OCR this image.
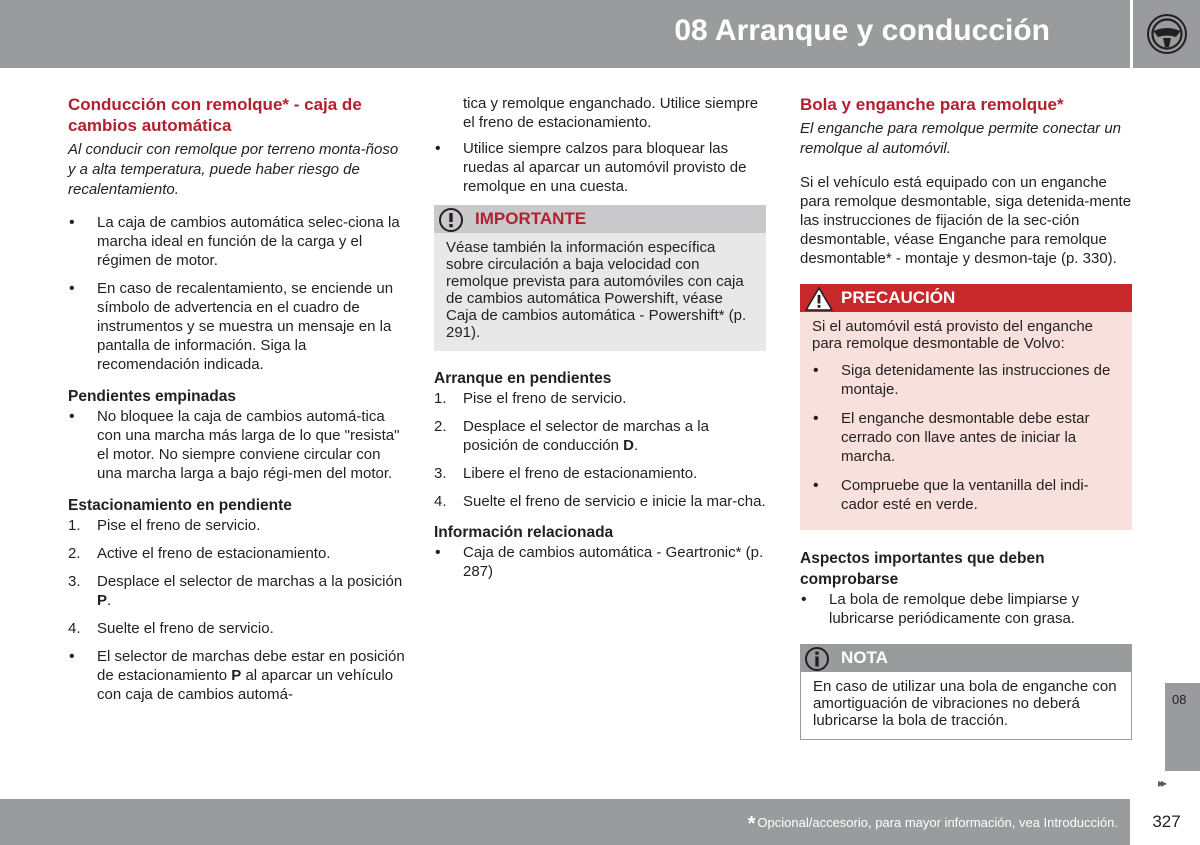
08 Arranque y conducción
Conducción con remolque* - caja de cambios automática
Al conducir con remolque por terreno monta-ñoso y a alta temperatura, puede haber riesgo de recalentamiento.
• La caja de cambios automática selec-ciona la marcha ideal en función de la carga y el régimen de motor.
• En caso de recalentamiento, se enciende un símbolo de advertencia en el cuadro de instrumentos y se muestra un mensaje en la pantalla de información. Siga la recomendación indicada.
Pendientes empinadas
• No bloquee la caja de cambios automá-tica con una marcha más larga de lo que "resista" el motor. No siempre conviene circular con una marcha larga a bajo régi-men del motor.
Estacionamiento en pendiente
1. Pise el freno de servicio.
2. Active el freno de estacionamiento.
3. Desplace el selector de marchas a la posición P.
4. Suelte el freno de servicio.
• El selector de marchas debe estar en posición de estacionamiento P al aparcar un vehículo con caja de cambios automá-
tica y remolque enganchado. Utilice siempre el freno de estacionamiento.
• Utilice siempre calzos para bloquear las ruedas al aparcar un automóvil provisto de remolque en una cuesta.
IMPORTANTE
Véase también la información específica sobre circulación a baja velocidad con remolque prevista para automóviles con caja de cambios automática Powershift, véase Caja de cambios automática - Powershift* (p. 291).
Arranque en pendientes
1. Pise el freno de servicio.
2. Desplace el selector de marchas a la posición de conducción D.
3. Libere el freno de estacionamiento.
4. Suelte el freno de servicio e inicie la mar-cha.
Información relacionada
• Caja de cambios automática - Geartronic* (p. 287)
Bola y enganche para remolque*
El enganche para remolque permite conectar un remolque al automóvil.
Si el vehículo está equipado con un enganche para remolque desmontable, siga detenida-mente las instrucciones de fijación de la sec-ción desmontable, véase Enganche para remolque desmontable* - montaje y desmon-taje (p. 330).
PRECAUCIÓN
Si el automóvil está provisto del enganche para remolque desmontable de Volvo:
• Siga detenidamente las instrucciones de montaje.
• El enganche desmontable debe estar cerrado con llave antes de iniciar la marcha.
• Compruebe que la ventanilla del indi-cador esté en verde.
Aspectos importantes que deben comprobarse
• La bola de remolque debe limpiarse y lubricarse periódicamente con grasa.
NOTA
En caso de utilizar una bola de enganche con amortiguación de vibraciones no deberá lubricarse la bola de tracción.
08
▸▸
* Opcional/accesorio, para mayor información, vea Introducción.	327
